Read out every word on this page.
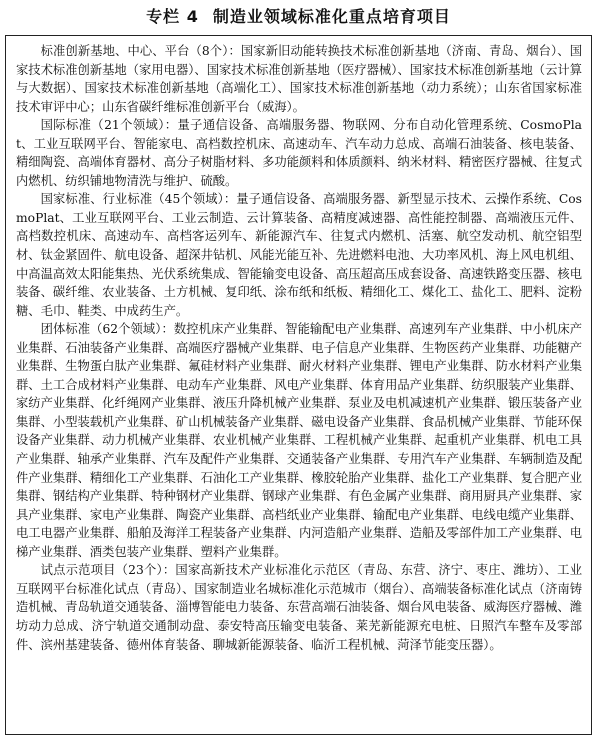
专栏 4 制造业领域标准化重点培育项目

标准创新基地、中心、平台（8个）：国家新旧动能转换技术标准创新基地（济南、青岛、烟台）、国家技术标准创新基地（家用电器）、国家技术标准创新基地（医疗器械）、国家技术标准创新基地（云计算与大数据）、国家技术标准创新基地（高端化工）、国家技术标准创新基地（动力系统）；山东省国家标准技术审评中心；山东省碳纤维标准创新平台（威海）。

国际标准（21个领域）：量子通信设备、高端服务器、物联网、分布自动化管理系统、CosmoPlat、工业互联网平台、智能家电、高档数控机床、高速动车、汽车动力总成、高端石油装备、核电装备、精细陶瓷、高端体育器材、高分子树脂材料、多功能颜料和体质颜料、纳米材料、精密医疗器械、往复式内燃机、纺织铺地物清洗与维护、硫酸。

国家标准、行业标准（45个领域）：量子通信设备、高端服务器、新型显示技术、云操作系统、CosmoPlat、工业互联网平台、工业云制造、云计算装备、高精度减速器、高性能控制器、高端液压元件、高档数控机床、高速动车、高档客运列车、新能源汽车、往复式内燃机、活塞、航空发动机、航空铝型材、钛金紧固件、航电设备、超深井钻机、风能光能互补、先进燃料电池、大功率风机、海上风电机组、中高温高效太阳能集热、光伏系统集成、智能输变电设备、高压超高压成套设备、高速铁路变压器、核电装备、碳纤维、农业装备、土方机械、复印纸、涂布纸和纸板、精细化工、煤化工、盐化工、肥料、淀粉糖、毛巾、鞋类、中成药生产。

团体标准（62个领域）：数控机床产业集群、智能输配电产业集群、高速列车产业集群、中小机床产业集群、石油装备产业集群、高端医疗器械产业集群、电子信息产业集群、生物医药产业集群、功能糖产业集群、生物蛋白肽产业集群、氟硅材料产业集群、耐火材料产业集群、锂电产业集群、防水材料产业集群、土工合成材料产业集群、电动车产业集群、风电产业集群、体育用品产业集群、纺织服装产业集群、家纺产业集群、化纤绳网产业集群、液压升降机械产业集群、泵业及电机减速机产业集群、锻压装备产业集群、小型装载机产业集群、矿山机械装备产业集群、磁电设备产业集群、食品机械产业集群、节能环保设备产业集群、动力机械产业集群、农业机械产业集群、工程机械产业集群、起重机产业集群、机电工具产业集群、轴承产业集群、汽车及配件产业集群、交通装备产业集群、专用汽车产业集群、车辆制造及配件产业集群、精细化工产业集群、石油化工产业集群、橡胶轮胎产业集群、盐化工产业集群、复合肥产业集群、钢结构产业集群、特种钢材产业集群、钢球产业集群、有色金属产业集群、商用厨具产业集群、家具产业集群、家电产业集群、陶瓷产业集群、高档纸业产业集群、输配电产业集群、电线电缆产业集群、电工电器产业集群、船舶及海洋工程装备产业集群、内河造船产业集群、造船及零部件加工产业集群、电梯产业集群、酒类包装产业集群、塑料产业集群。

试点示范项目（23个）：国家高新技术产业标准化示范区（青岛、东营、济宁、枣庄、潍坊）、工业互联网平台标准化试点（青岛）、国家制造业名城标准化示范城市（烟台）、高端装备标准化试点（济南铸造机械、青岛轨道交通装备、淄博智能电力装备、东营高端石油装备、烟台风电装备、威海医疗器械、潍坊动力总成、济宁轨道交通制动盘、泰安特高压输变电装备、莱芜新能源充电桩、日照汽车整车及零部件、滨州基建装备、德州体育装备、聊城新能源装备、临沂工程机械、菏泽节能变压器）。
